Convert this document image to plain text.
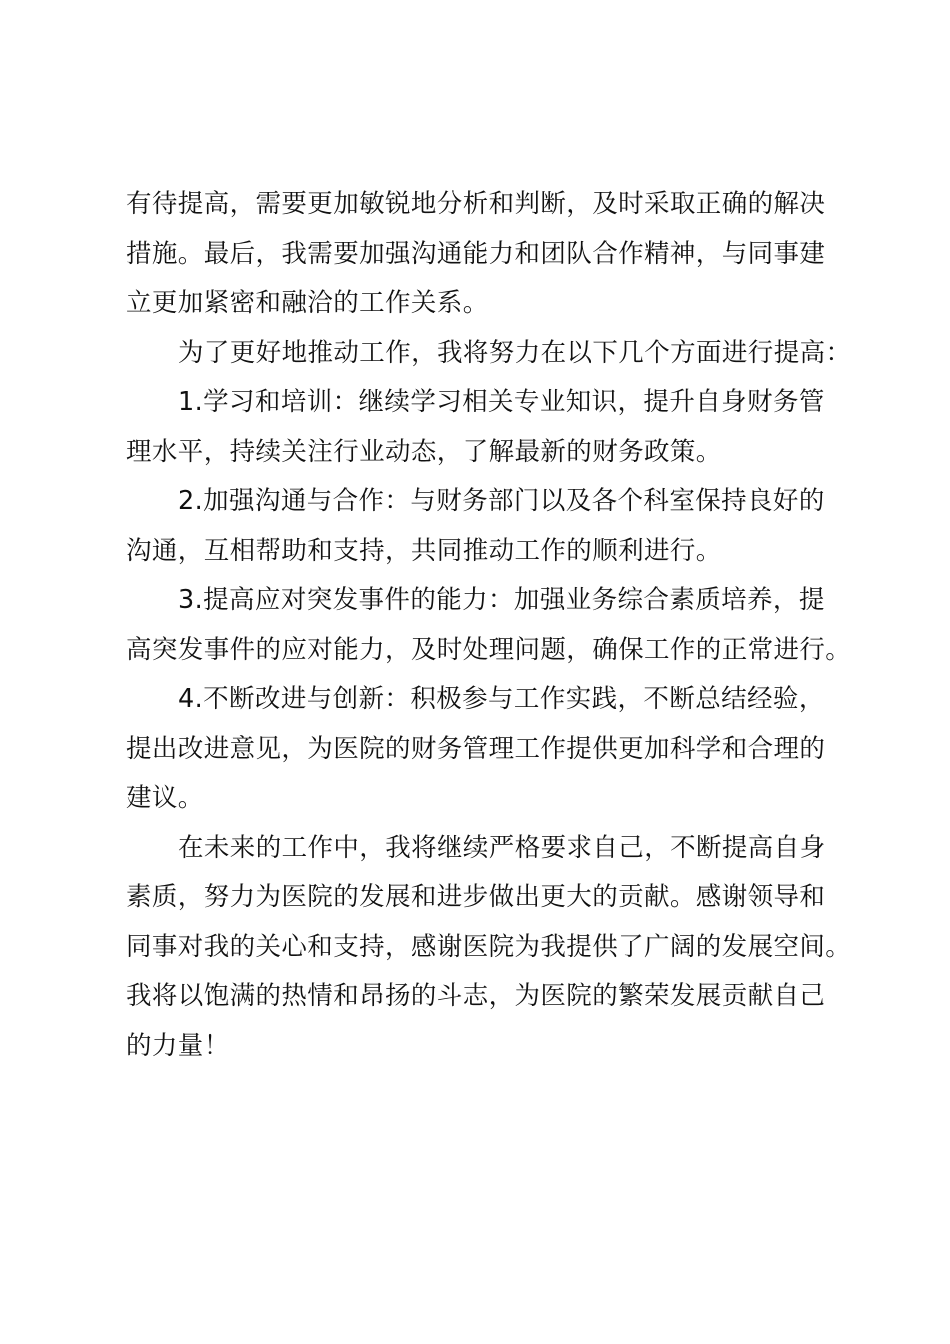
有待提高，需要更加敏锐地分析和判断，及时采取正确的解决
措施。最后，我需要加强沟通能力和团队合作精神，与同事建
立更加紧密和融洽的工作关系。
为了更好地推动工作，我将努力在以下几个方面进行提高：
1.学习和培训：继续学习相关专业知识，提升自身财务管
理水平，持续关注行业动态，了解最新的财务政策。
2.加强沟通与合作：与财务部门以及各个科室保持良好的
沟通，互相帮助和支持，共同推动工作的顺利进行。
3.提高应对突发事件的能力：加强业务综合素质培养，提
高突发事件的应对能力，及时处理问题，确保工作的正常进行。
4.不断改进与创新：积极参与工作实践，不断总结经验，
提出改进意见，为医院的财务管理工作提供更加科学和合理的
建议。
在未来的工作中，我将继续严格要求自己，不断提高自身
素质，努力为医院的发展和进步做出更大的贡献。感谢领导和
同事对我的关心和支持，感谢医院为我提供了广阔的发展空间。
我将以饱满的热情和昂扬的斗志，为医院的繁荣发展贡献自己
的力量！
